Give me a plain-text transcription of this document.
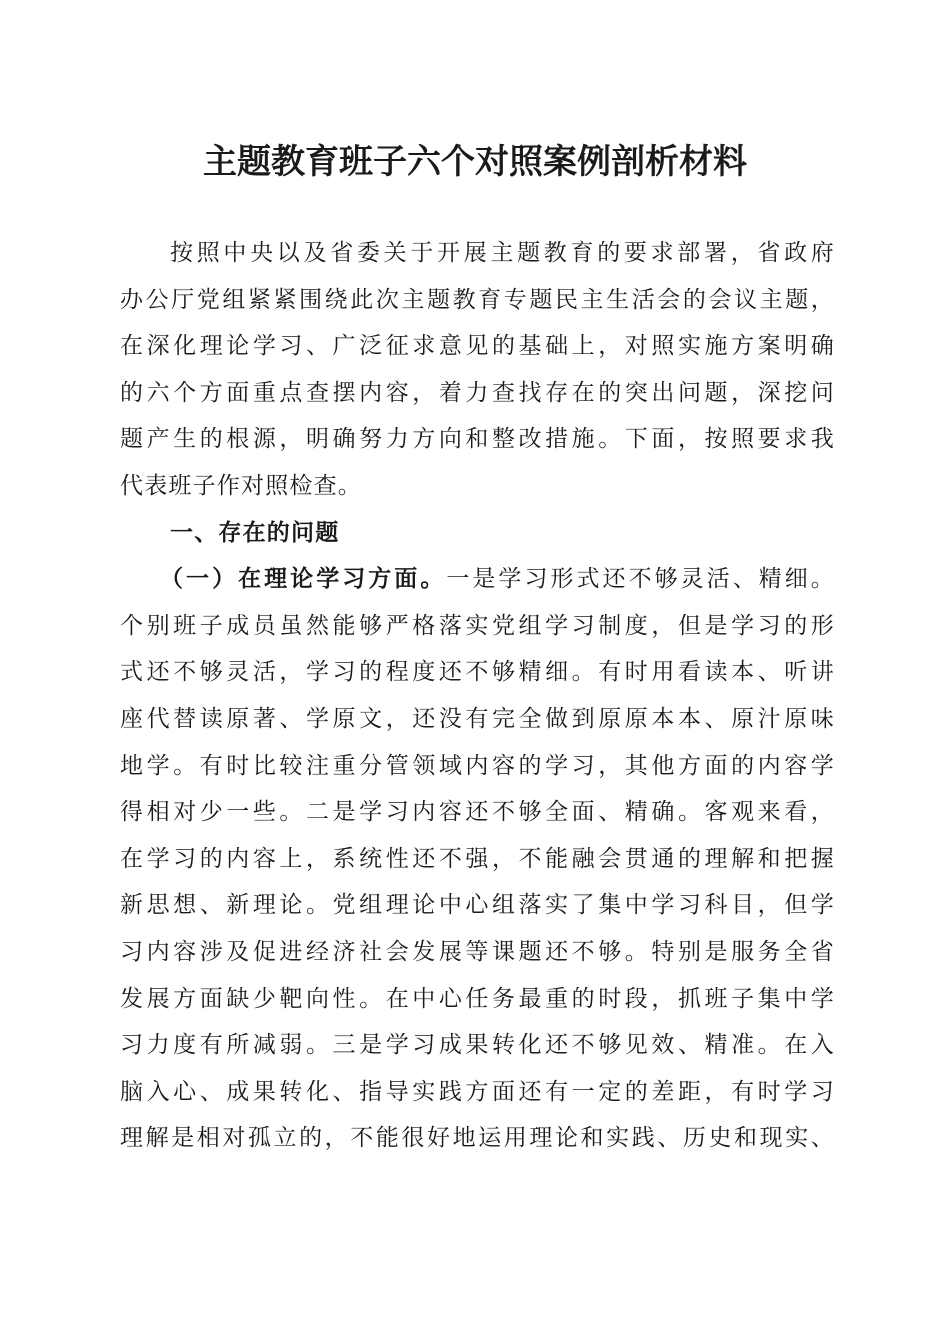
主题教育班子六个对照案例剖析材料
按照中央以及省委关于开展主题教育的要求部署，省政府
办公厅党组紧紧围绕此次主题教育专题民主生活会的会议主题，
在深化理论学习、广泛征求意见的基础上，对照实施方案明确
的六个方面重点查摆内容，着力查找存在的突出问题，深挖问
题产生的根源，明确努力方向和整改措施。下面，按照要求我
代表班子作对照检查。
一、存在的问题
（一）在理论学习方面。一是学习形式还不够灵活、精细。
个别班子成员虽然能够严格落实党组学习制度，但是学习的形
式还不够灵活，学习的程度还不够精细。有时用看读本、听讲
座代替读原著、学原文，还没有完全做到原原本本、原汁原味
地学。有时比较注重分管领域内容的学习，其他方面的内容学
得相对少一些。二是学习内容还不够全面、精确。客观来看，
在学习的内容上，系统性还不强，不能融会贯通的理解和把握
新思想、新理论。党组理论中心组落实了集中学习科目，但学
习内容涉及促进经济社会发展等课题还不够。特别是服务全省
发展方面缺少靶向性。在中心任务最重的时段，抓班子集中学
习力度有所减弱。三是学习成果转化还不够见效、精准。在入
脑入心、成果转化、指导实践方面还有一定的差距，有时学习
理解是相对孤立的，不能很好地运用理论和实践、历史和现实、
